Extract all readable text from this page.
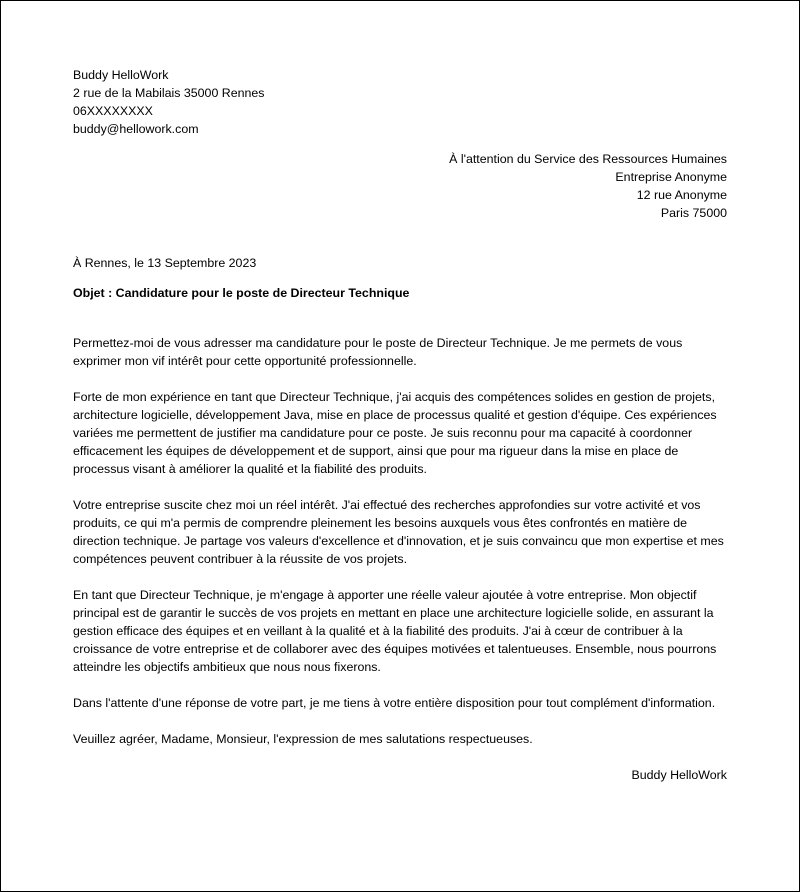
Buddy HelloWork

2 rue de la Mabilais 35000 Rennes

06XXXXXXXX

buddy@hellowork.com

À l'attention du Service des Ressources Humaines

Entreprise Anonyme

12 rue Anonyme

Paris 75000

À Rennes, le 13 Septembre 2023
Objet : Candidature pour le poste de Directeur Technique

Permettez-moi de vous adresser ma candidature pour le poste de Directeur Technique. Je me permets de vous exprimer mon vif intérêt pour cette opportunité professionnelle.

Forte de mon expérience en tant que Directeur Technique, j'ai acquis des compétences solides en gestion de projets, architecture logicielle, développement Java, mise en place de processus qualité et gestion d'équipe. Ces expériences variées me permettent de justifier ma candidature pour ce poste. Je suis reconnu pour ma capacité à coordonner efficacement les équipes de développement et de support, ainsi que pour ma rigueur dans la mise en place de processus visant à améliorer la qualité et la fiabilité des produits.

Votre entreprise suscite chez moi un réel intérêt. J'ai effectué des recherches approfondies sur votre activité et vos produits, ce qui m'a permis de comprendre pleinement les besoins auxquels vous êtes confrontés en matière de direction technique. Je partage vos valeurs d'excellence et d'innovation, et je suis convaincu que mon expertise et mes compétences peuvent contribuer à la réussite de vos projets.

En tant que Directeur Technique, je m'engage à apporter une réelle valeur ajoutée à votre entreprise. Mon objectif principal est de garantir le succès de vos projets en mettant en place une architecture logicielle solide, en assurant la gestion efficace des équipes et en veillant à la qualité et à la fiabilité des produits. J'ai à cœur de contribuer à la croissance de votre entreprise et de collaborer avec des équipes motivées et talentueuses. Ensemble, nous pourrons atteindre les objectifs ambitieux que nous nous fixerons.

Dans l'attente d'une réponse de votre part, je me tiens à votre entière disposition pour tout complément d'information.

Veuillez agréer, Madame, Monsieur, l'expression de mes salutations respectueuses.

Buddy HelloWork
